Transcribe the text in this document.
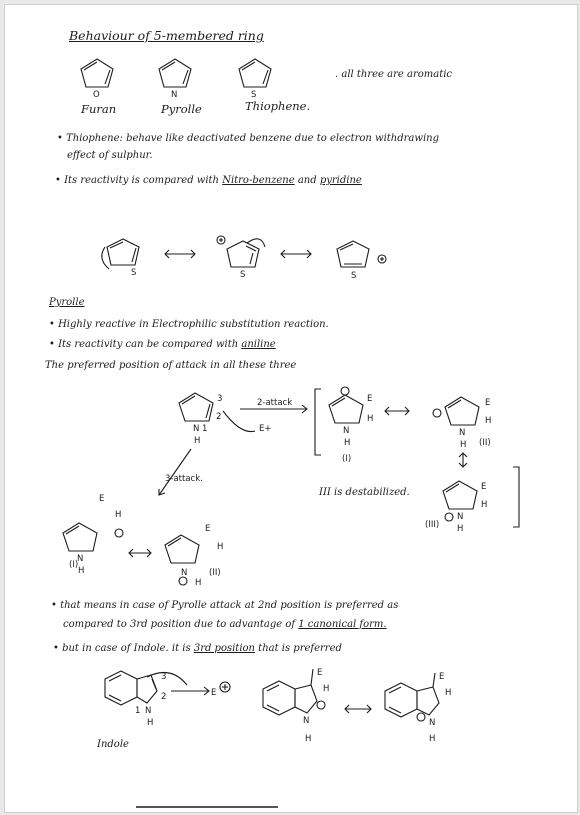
Behaviour of 5-membered ring
O	N	S
Furan	Pyrolle	Thiophene.
. all three are aromatic
• Thiophene: behave like deactivated benzene due to electron withdrawing
effect of sulphur.
• Its reactivity is compared with Nitro-benzene and pyridine
S	S	S
Pyrolle
• Highly reactive in Electrophilic substitution reaction.
• Its reactivity can be compared with aniline
The preferred position of attack in all these three
N
H
3
2
1
2-attack
E+
E
H
N
H
(I)
E
H
N
H (II)
E
H
N
H
(III)
3-attack.
E
H
N
H
(I)
E
H
N
H
(II)
III is destabilized.
• that means in case of Pyrolle attack at 2nd position is preferred as
compared to 3rd position due to advantage of 1 canonical form.
• but in case of Indole. it is 3rd position that is preferred
N
H
3
2
1
E
E
H
N
H
E
H
N
H
Indole
